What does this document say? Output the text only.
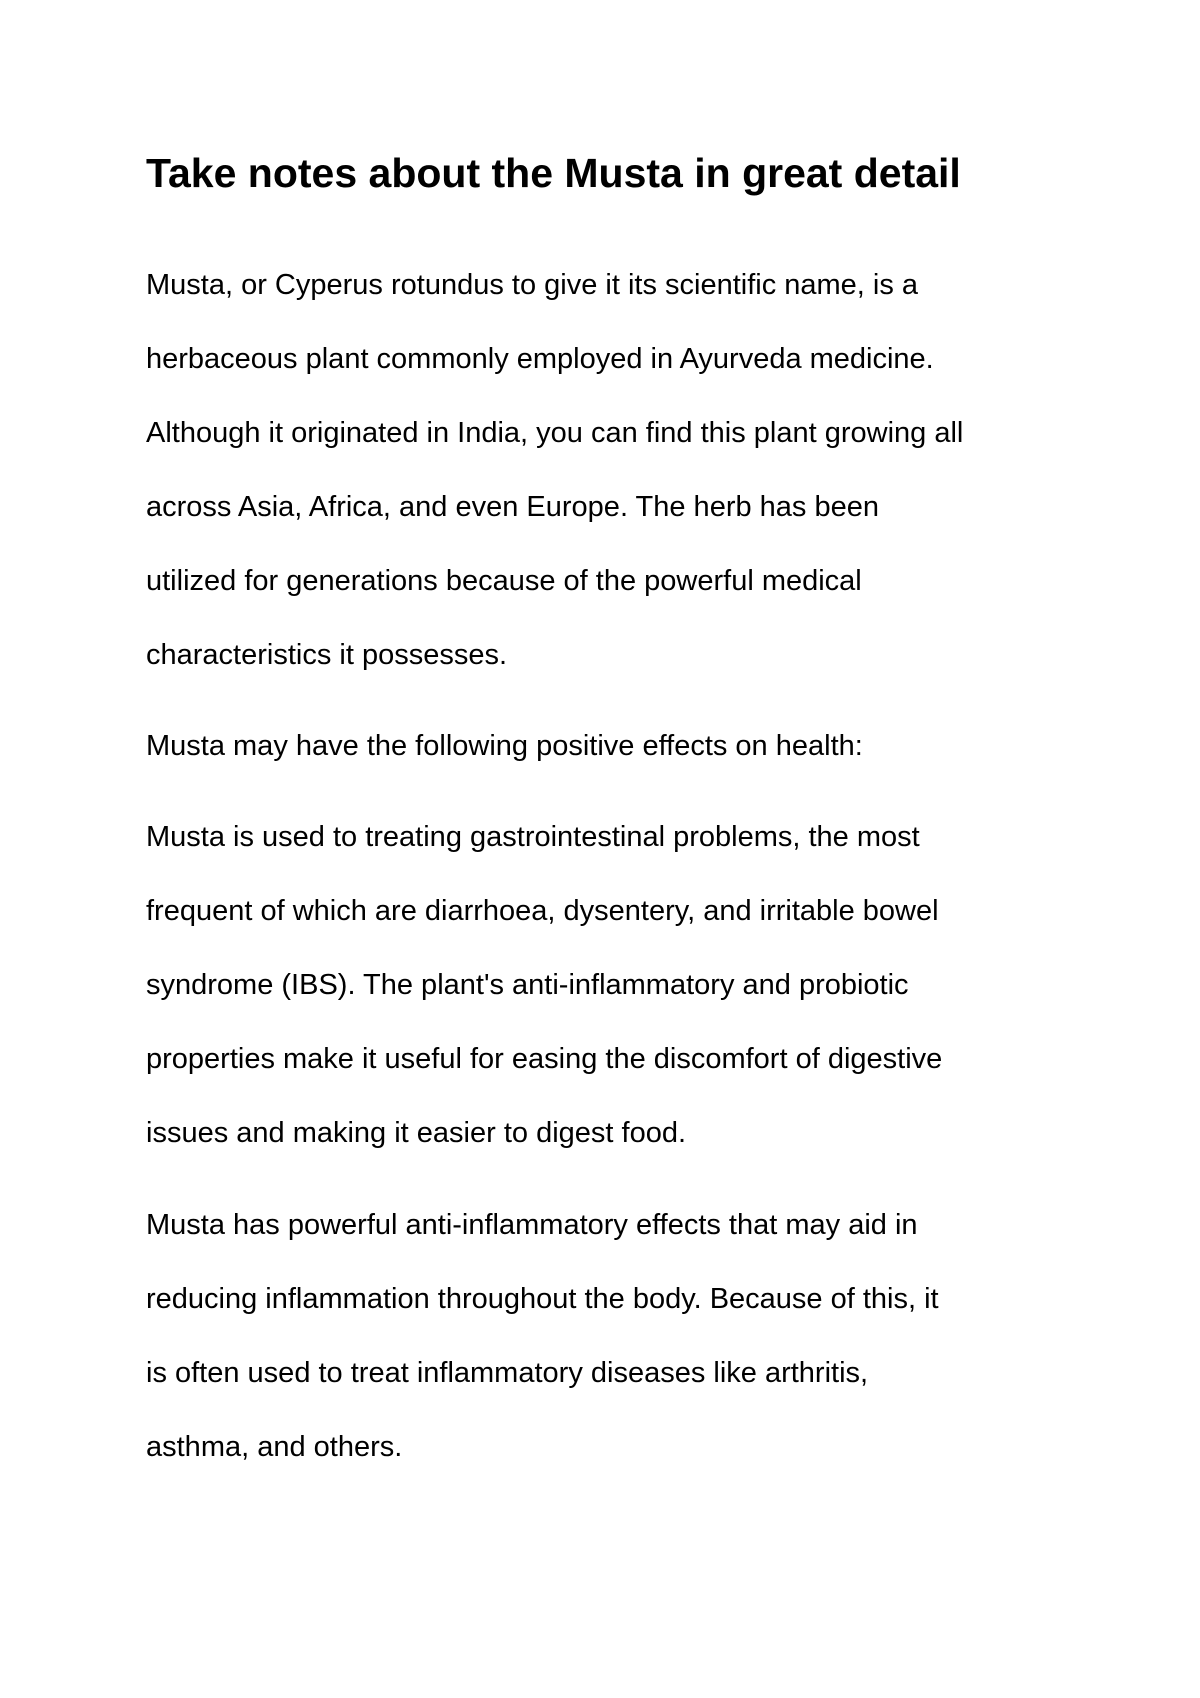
Take notes about the Musta in great detail

Musta, or Cyperus rotundus to give it its scientific name, is a

herbaceous plant commonly employed in Ayurveda medicine.

Although it originated in India, you can find this plant growing all

across Asia, Africa, and even Europe. The herb has been

utilized for generations because of the powerful medical

characteristics it possesses.

Musta may have the following positive effects on health:

Musta is used to treating gastrointestinal problems, the most

frequent of which are diarrhoea, dysentery, and irritable bowel

syndrome (IBS). The plant's anti-inflammatory and probiotic

properties make it useful for easing the discomfort of digestive

issues and making it easier to digest food.

Musta has powerful anti-inflammatory effects that may aid in

reducing inflammation throughout the body. Because of this, it

is often used to treat inflammatory diseases like arthritis,

asthma, and others.
